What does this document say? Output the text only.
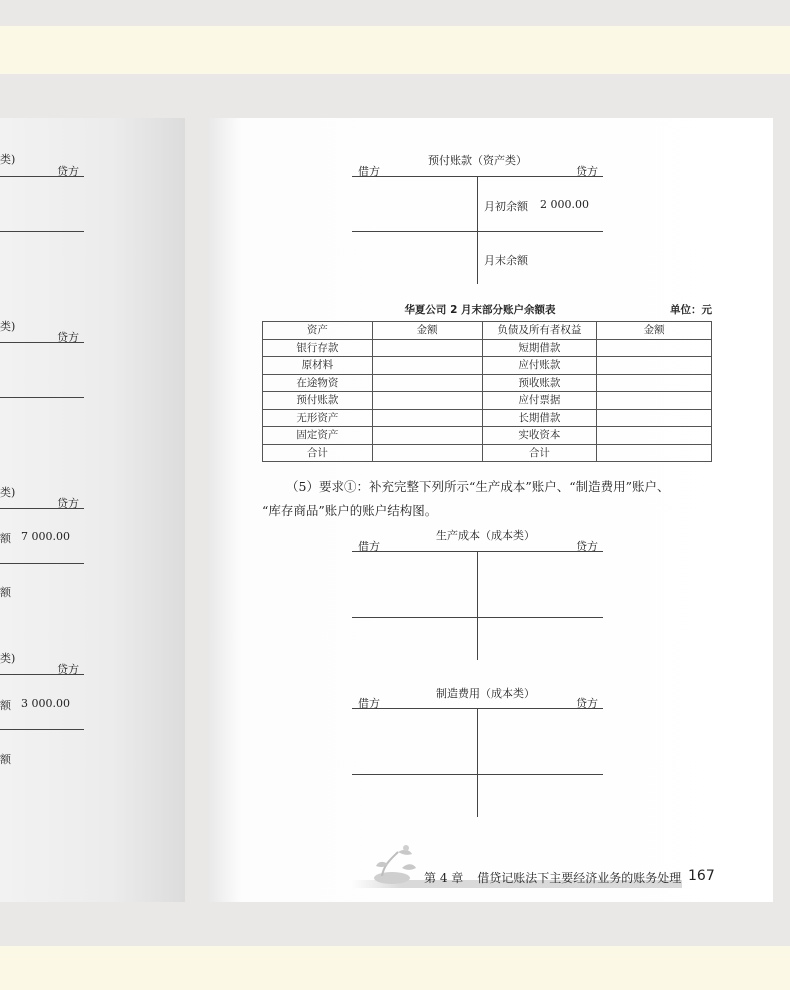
类)
贷方
类)
贷方
类)
贷方
额 7 000.00
额
类)
贷方
额 3 000.00
额
预付账款（资产类）
借方	贷方
月初余额 2 000.00
月末余额
华夏公司 2 月末部分账户余额表	单位：元
资产	金额	负债及所有者权益	金额
银行存款		短期借款	
原材料		应付账款	
在途物资		预收账款	
预付账款		应付票据	
无形资产		长期借款	
固定资产		实收资本	
合计		合计	
（5）要求①：补充完整下列所示“生产成本”账户、“制造费用”账户、
“库存商品”账户的账户结构图。
生产成本（成本类）
借方	贷方
制造费用（成本类）
借方	贷方
第 4 章 借贷记账法下主要经济业务的账务处理 167
